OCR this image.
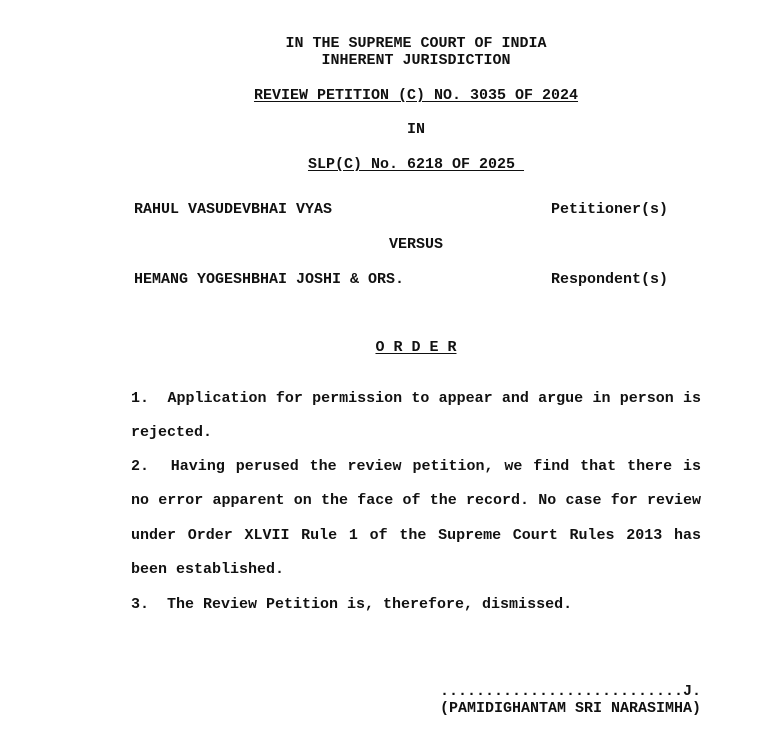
IN THE SUPREME COURT OF INDIA
INHERENT JURISDICTION
REVIEW PETITION (C) NO. 3035 OF 2024
IN
SLP(C) No. 6218 OF 2025
RAHUL VASUDEVBHAI VYAS	Petitioner(s)
VERSUS
HEMANG YOGESHBHAI JOSHI & ORS.	Respondent(s)
O R D E R
1.  Application for permission to appear and argue in person is rejected.
2.  Having perused the review petition, we find that there is no error apparent on the face of the record. No case for review under Order XLVII Rule 1 of the Supreme Court Rules 2013 has been established.
3.  The Review Petition is, therefore, dismissed.
...........................J.
(PAMIDIGHANTAM SRI NARASIMHA)
